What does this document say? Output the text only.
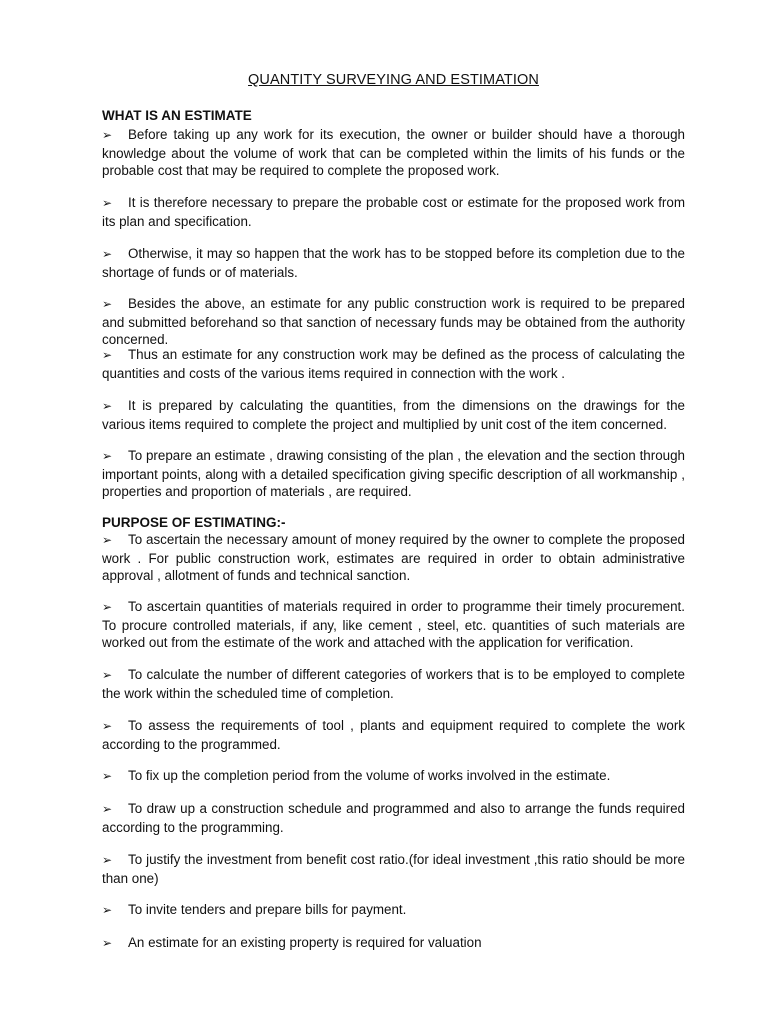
QUANTITY SURVEYING AND ESTIMATION
WHAT IS AN ESTIMATE

➢ Before taking up any work for its execution, the owner or builder should have a thorough knowledge about the volume of work that can be completed within the limits of his funds or the probable cost that may be required to complete the proposed work.

➢ It is therefore necessary to prepare the probable cost or estimate for the proposed work from its plan and specification.

➢ Otherwise, it may so happen that the work has to be stopped before its completion due to the shortage of funds or of materials.

➢ Besides the above, an estimate for any public construction work is required to be prepared and submitted beforehand so that sanction of necessary funds may be obtained from the authority concerned.

➢ Thus an estimate for any construction work may be defined as the process of calculating the quantities and costs of the various items required in connection with the work .

➢ It is prepared by calculating the quantities, from the dimensions on the drawings for the various items required to complete the project and multiplied by unit cost of the item concerned.

➢ To prepare an estimate , drawing consisting of the plan , the elevation and the section through important points, along with a detailed specification giving specific description of all workmanship , properties and proportion of materials , are required.

PURPOSE OF ESTIMATING:-

➢ To ascertain the necessary amount of money required by the owner to complete the proposed work . For public construction work, estimates are required in order to obtain administrative approval , allotment of funds and technical sanction.

➢ To ascertain quantities of materials required in order to programme their timely procurement. To procure controlled materials, if any, like cement , steel, etc. quantities of such materials are worked out from the estimate of the work and attached with the application for verification.

➢ To calculate the number of different categories of workers that is to be employed to complete the work within the scheduled time of completion.

➢ To assess the requirements of tool , plants and equipment required to complete the work according to the programmed.

➢ To fix up the completion period from the volume of works involved in the estimate.

➢ To draw up a construction schedule and programmed and also to arrange the funds required according to the programming.

➢ To justify the investment from benefit cost ratio.(for ideal investment ,this ratio should be more than one)

➢ To invite tenders and prepare bills for payment.

➢ An estimate for an existing property is required for valuation
